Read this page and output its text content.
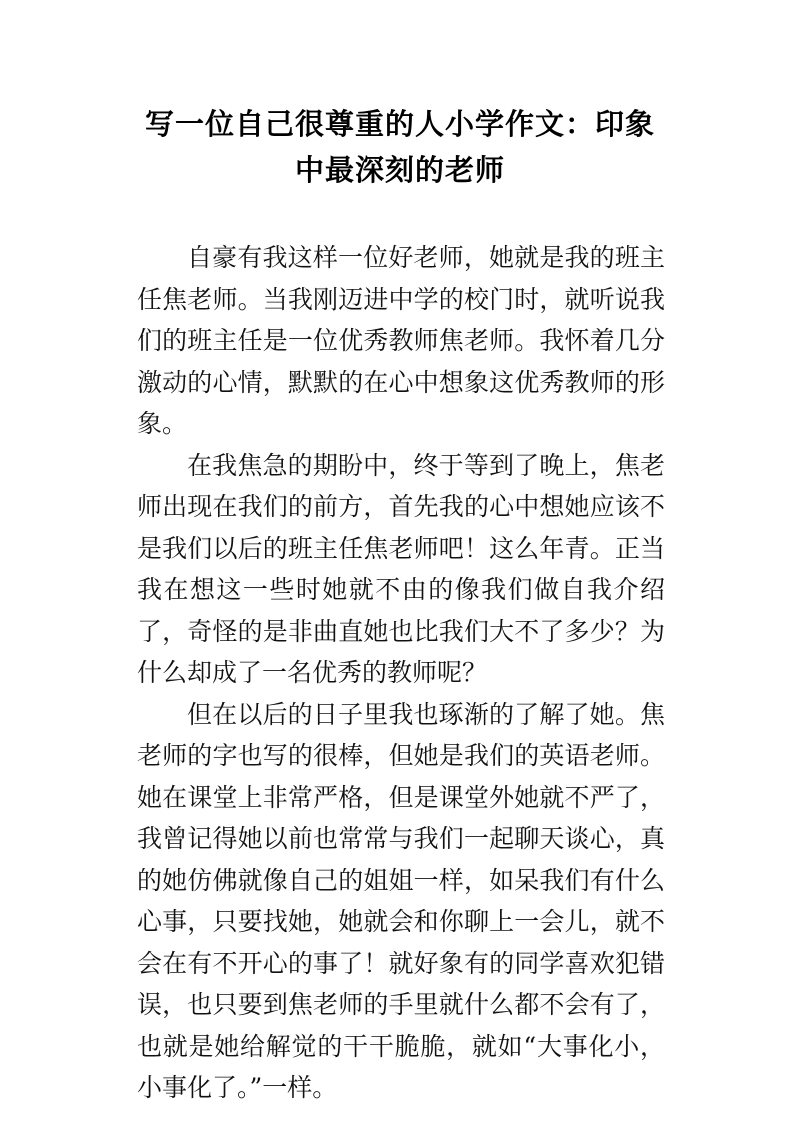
写一位自己很尊重的人小学作文：印象中最深刻的老师

自豪有我这样一位好老师，她就是我的班主任焦老师。当我刚迈进中学的校门时，就听说我们的班主任是一位优秀教师焦老师。我怀着几分激动的心情，默默的在心中想象这优秀教师的形象。

在我焦急的期盼中，终于等到了晚上，焦老师出现在我们的前方，首先我的心中想她应该不是我们以后的班主任焦老师吧！这么年青。正当我在想这一些时她就不由的像我们做自我介绍了，奇怪的是非曲直她也比我们大不了多少？为什么却成了一名优秀的教师呢？

但在以后的日子里我也琢渐的了解了她。焦老师的字也写的很棒，但她是我们的英语老师。她在课堂上非常严格，但是课堂外她就不严了，我曾记得她以前也常常与我们一起聊天谈心，真的她仿佛就像自己的姐姐一样，如呆我们有什么心事，只要找她，她就会和你聊上一会儿，就不会在有不开心的事了！就好象有的同学喜欢犯错误，也只要到焦老师的手里就什么都不会有了，也就是她给解觉的干干脆脆，就如“大事化小，小事化了。”一样。
